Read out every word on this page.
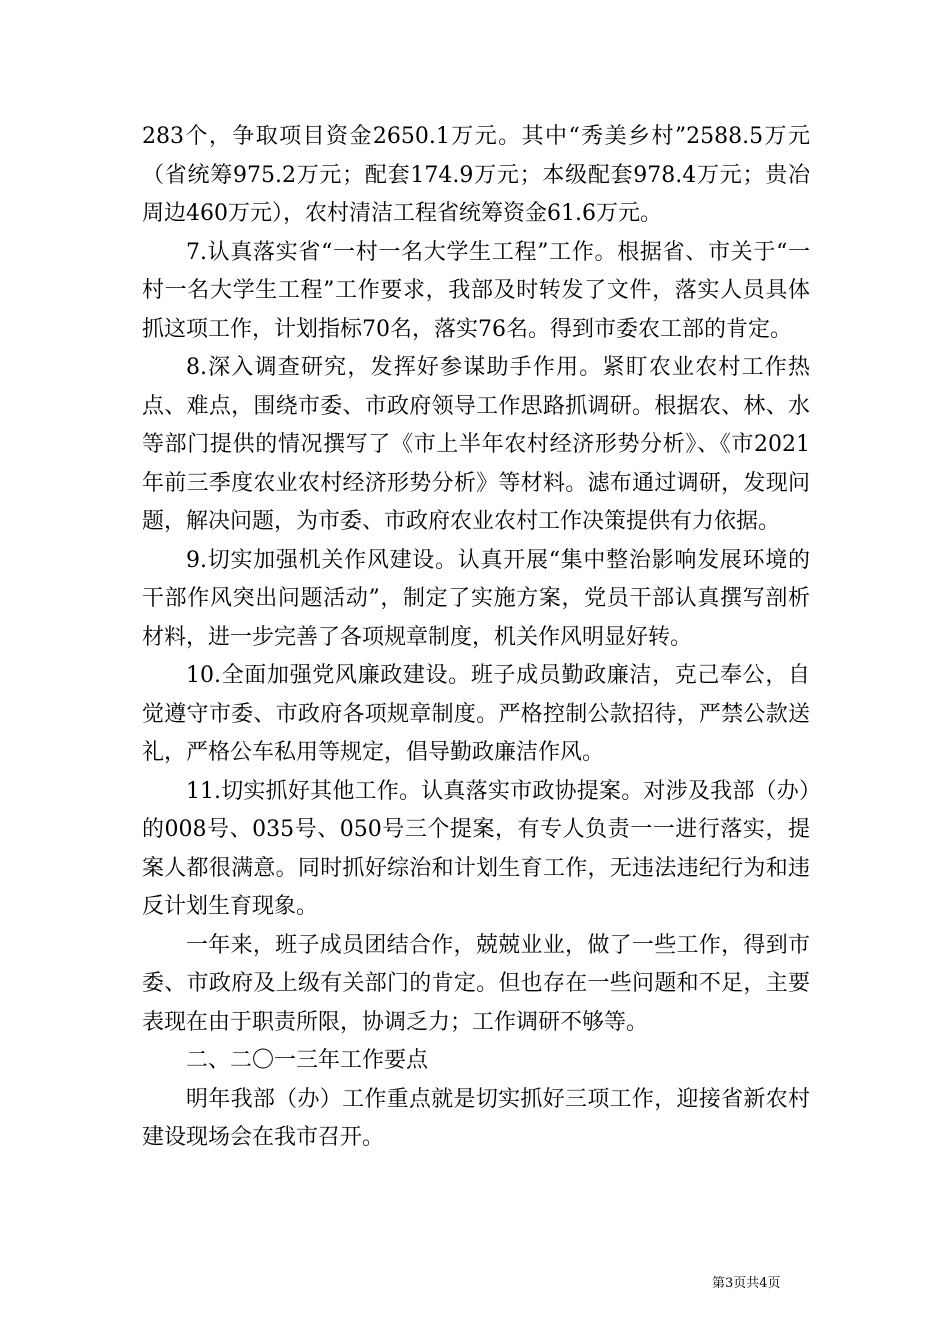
283个，争取项目资金2650.1万元。其中“秀美乡村”2588.5万元（省统筹975.2万元；配套174.9万元；本级配套978.4万元；贵冶周边460万元），农村清洁工程省统筹资金61.6万元。

7.认真落实省“一村一名大学生工程”工作。根据省、市关于“一村一名大学生工程”工作要求，我部及时转发了文件，落实人员具体抓这项工作，计划指标70名，落实76名。得到市委农工部的肯定。

8.深入调查研究，发挥好参谋助手作用。紧盯农业农村工作热点、难点，围绕市委、市政府领导工作思路抓调研。根据农、林、水等部门提供的情况撰写了《市上半年农村经济形势分析》、《市2021年前三季度农业农村经济形势分析》等材料。滤布通过调研，发现问题，解决问题，为市委、市政府农业农村工作决策提供有力依据。

9.切实加强机关作风建设。认真开展“集中整治影响发展环境的干部作风突出问题活动”，制定了实施方案，党员干部认真撰写剖析材料，进一步完善了各项规章制度，机关作风明显好转。

10.全面加强党风廉政建设。班子成员勤政廉洁，克己奉公，自觉遵守市委、市政府各项规章制度。严格控制公款招待，严禁公款送礼，严格公车私用等规定，倡导勤政廉洁作风。

11.切实抓好其他工作。认真落实市政协提案。对涉及我部（办）的008号、035号、050号三个提案，有专人负责一一进行落实，提案人都很满意。同时抓好综治和计划生育工作，无违法违纪行为和违反计划生育现象。

一年来，班子成员团结合作，兢兢业业，做了一些工作，得到市委、市政府及上级有关部门的肯定。但也存在一些问题和不足，主要表现在由于职责所限，协调乏力；工作调研不够等。

二、二〇一三年工作要点

明年我部（办）工作重点就是切实抓好三项工作，迎接省新农村建设现场会在我市召开。

第3页共4页
